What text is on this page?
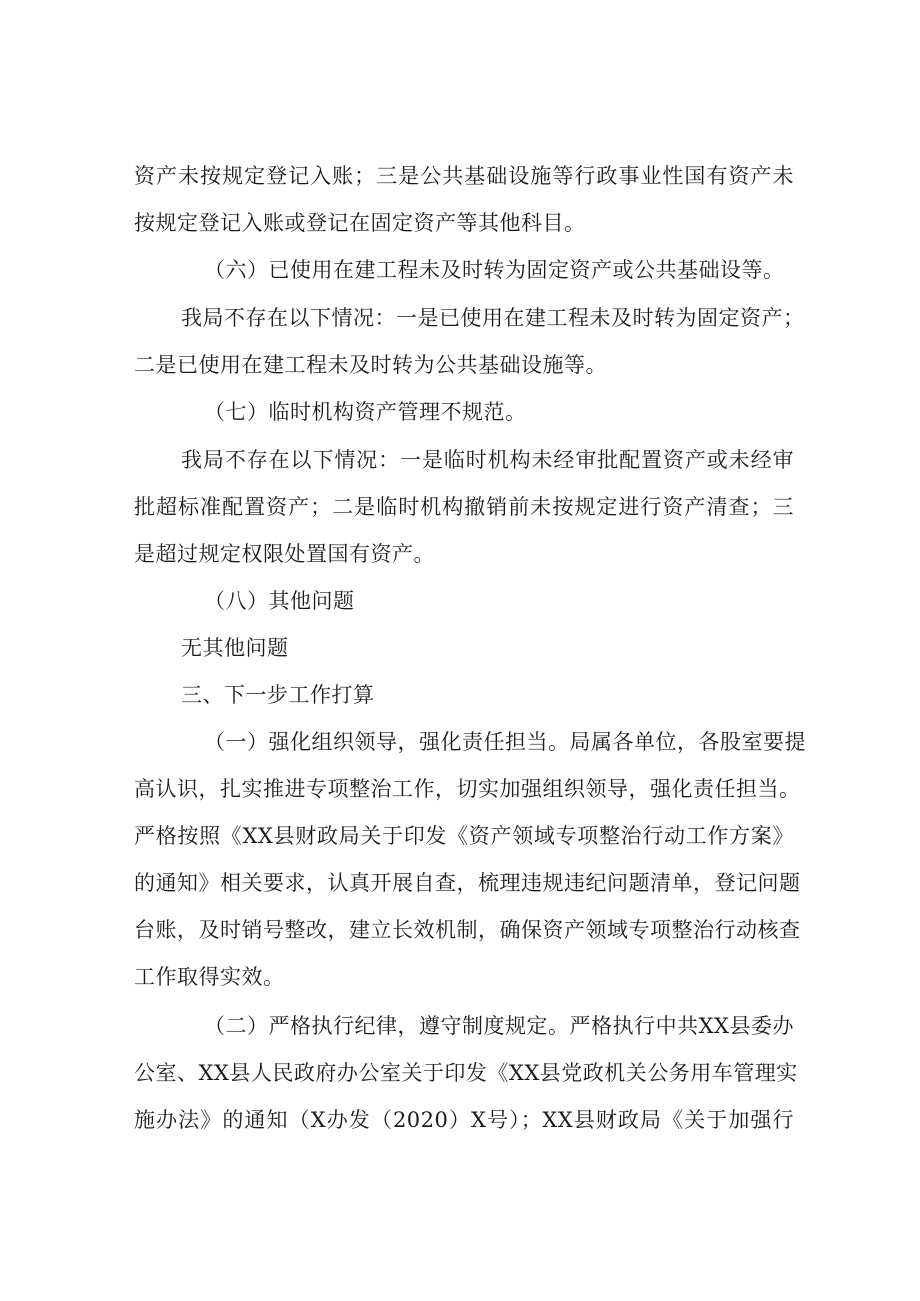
资产未按规定登记入账；三是公共基础设施等行政事业性国有资产未
按规定登记入账或登记在固定资产等其他科目。
（六）已使用在建工程未及时转为固定资产或公共基础设等。
我局不存在以下情况：一是已使用在建工程未及时转为固定资产；
二是已使用在建工程未及时转为公共基础设施等。
（七）临时机构资产管理不规范。
我局不存在以下情况：一是临时机构未经审批配置资产或未经审
批超标准配置资产；二是临时机构撤销前未按规定进行资产清查；三
是超过规定权限处置国有资产。
（八）其他问题
无其他问题
三、下一步工作打算
（一）强化组织领导，强化责任担当。局属各单位，各股室要提
高认识，扎实推进专项整治工作，切实加强组织领导，强化责任担当。
严格按照《XX县财政局关于印发《资产领域专项整治行动工作方案》
的通知》相关要求，认真开展自查，梳理违规违纪问题清单，登记问题
台账，及时销号整改，建立长效机制，确保资产领域专项整治行动核查
工作取得实效。
（二）严格执行纪律，遵守制度规定。严格执行中共XX县委办
公室、XX县人民政府办公室关于印发《XX县党政机关公务用车管理实
施办法》的通知（X办发（2020）X号）；XX县财政局《关于加强行
